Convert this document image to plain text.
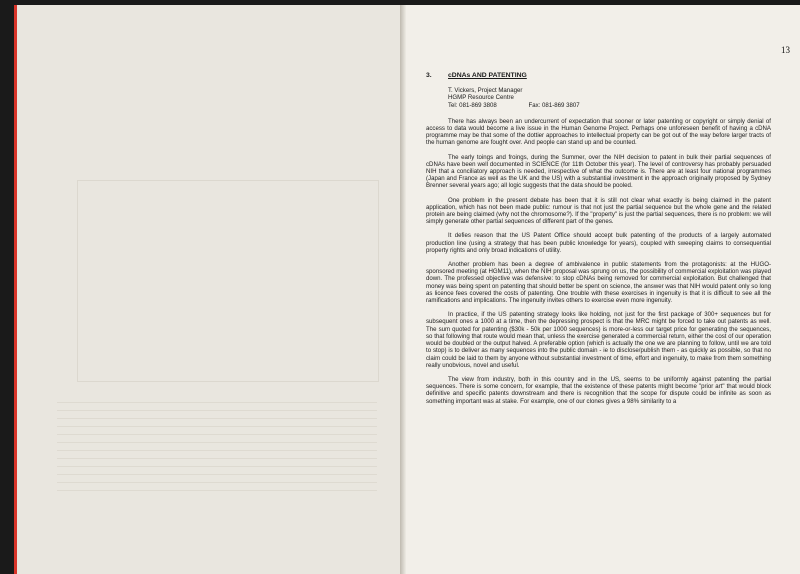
13
3. cDNAs AND PATENTING
T. Vickers, Project Manager
HGMP Resource Centre
Tel: 081-869 3808	Fax: 081-869 3807

There has always been an undercurrent of expectation that sooner or later patenting or copyright or simply denial of access to data would become a live issue in the Human Genome Project. Perhaps one unforeseen benefit of having a cDNA programme may be that some of the dottier approaches to intellectual property can be got out of the way before larger tracts of the human genome are fought over. And people can stand up and be counted.

The early toings and froings, during the Summer, over the NIH decision to patent in bulk their partial sequences of cDNAs have been well documented in SCIENCE (for 11th October this year). The level of controversy has probably persuaded NIH that a conciliatory approach is needed, irrespective of what the outcome is. There are at least four national programmes (Japan and France as well as the UK and the US) with a substantial investment in the approach originally proposed by Sydney Brenner several years ago; all logic suggests that the data should be pooled.

One problem in the present debate has been that it is still not clear what exactly is being claimed in the patent application, which has not been made public: rumour is that not just the partial sequence but the whole gene and the related protein are being claimed (why not the chromosome?). If the "property" is just the partial sequences, there is no problem: we will simply generate other partial sequences of different part of the genes.

It defies reason that the US Patent Office should accept bulk patenting of the products of a largely automated production line (using a strategy that has been public knowledge for years), coupled with sweeping claims to consequential property rights and only broad indications of utility.

Another problem has been a degree of ambivalence in public statements from the protagonists: at the HUGO-sponsored meeting (at HGM11), when the NIH proposal was sprung on us, the possibility of commercial exploitation was played down. The professed objective was defensive: to stop cDNAs being removed for commercial exploitation. But challenged that money was being spent on patenting that should better be spent on science, the answer was that NIH would patent only so long as licence fees covered the costs of patenting. One trouble with these exercises in ingenuity is that it is difficult to see all the ramifications and implications. The ingenuity invites others to exercise even more ingenuity.

In practice, if the US patenting strategy looks like holding, not just for the first package of 300+ sequences but for subsequent ones a 1000 at a time, then the depressing prospect is that the MRC might be forced to take out patents as well. The sum quoted for patenting ($30k - 50k per 1000 sequences) is more-or-less our target price for generating the sequences, so that following that route would mean that, unless the exercise generated a commercial return, either the cost of our operation would be doubled or the output halved. A preferable option (which is actually the one we are planning to follow, until we are told to stop) is to deliver as many sequences into the public domain - ie to disclose/publish them - as quickly as possible, so that no claim could be laid to them by anyone without substantial investment of time, effort and ingenuity, to make from them something really unobvious, novel and useful.

The view from industry, both in this country and in the US, seems to be uniformly against patenting the partial sequences. There is some concern, for example, that the existence of these patents might become "prior art" that would block definitive and specific patents downstream and there is recognition that the scope for dispute could be infinite as soon as something important was at stake. For example, one of our clones gives a 98% similarity to a
